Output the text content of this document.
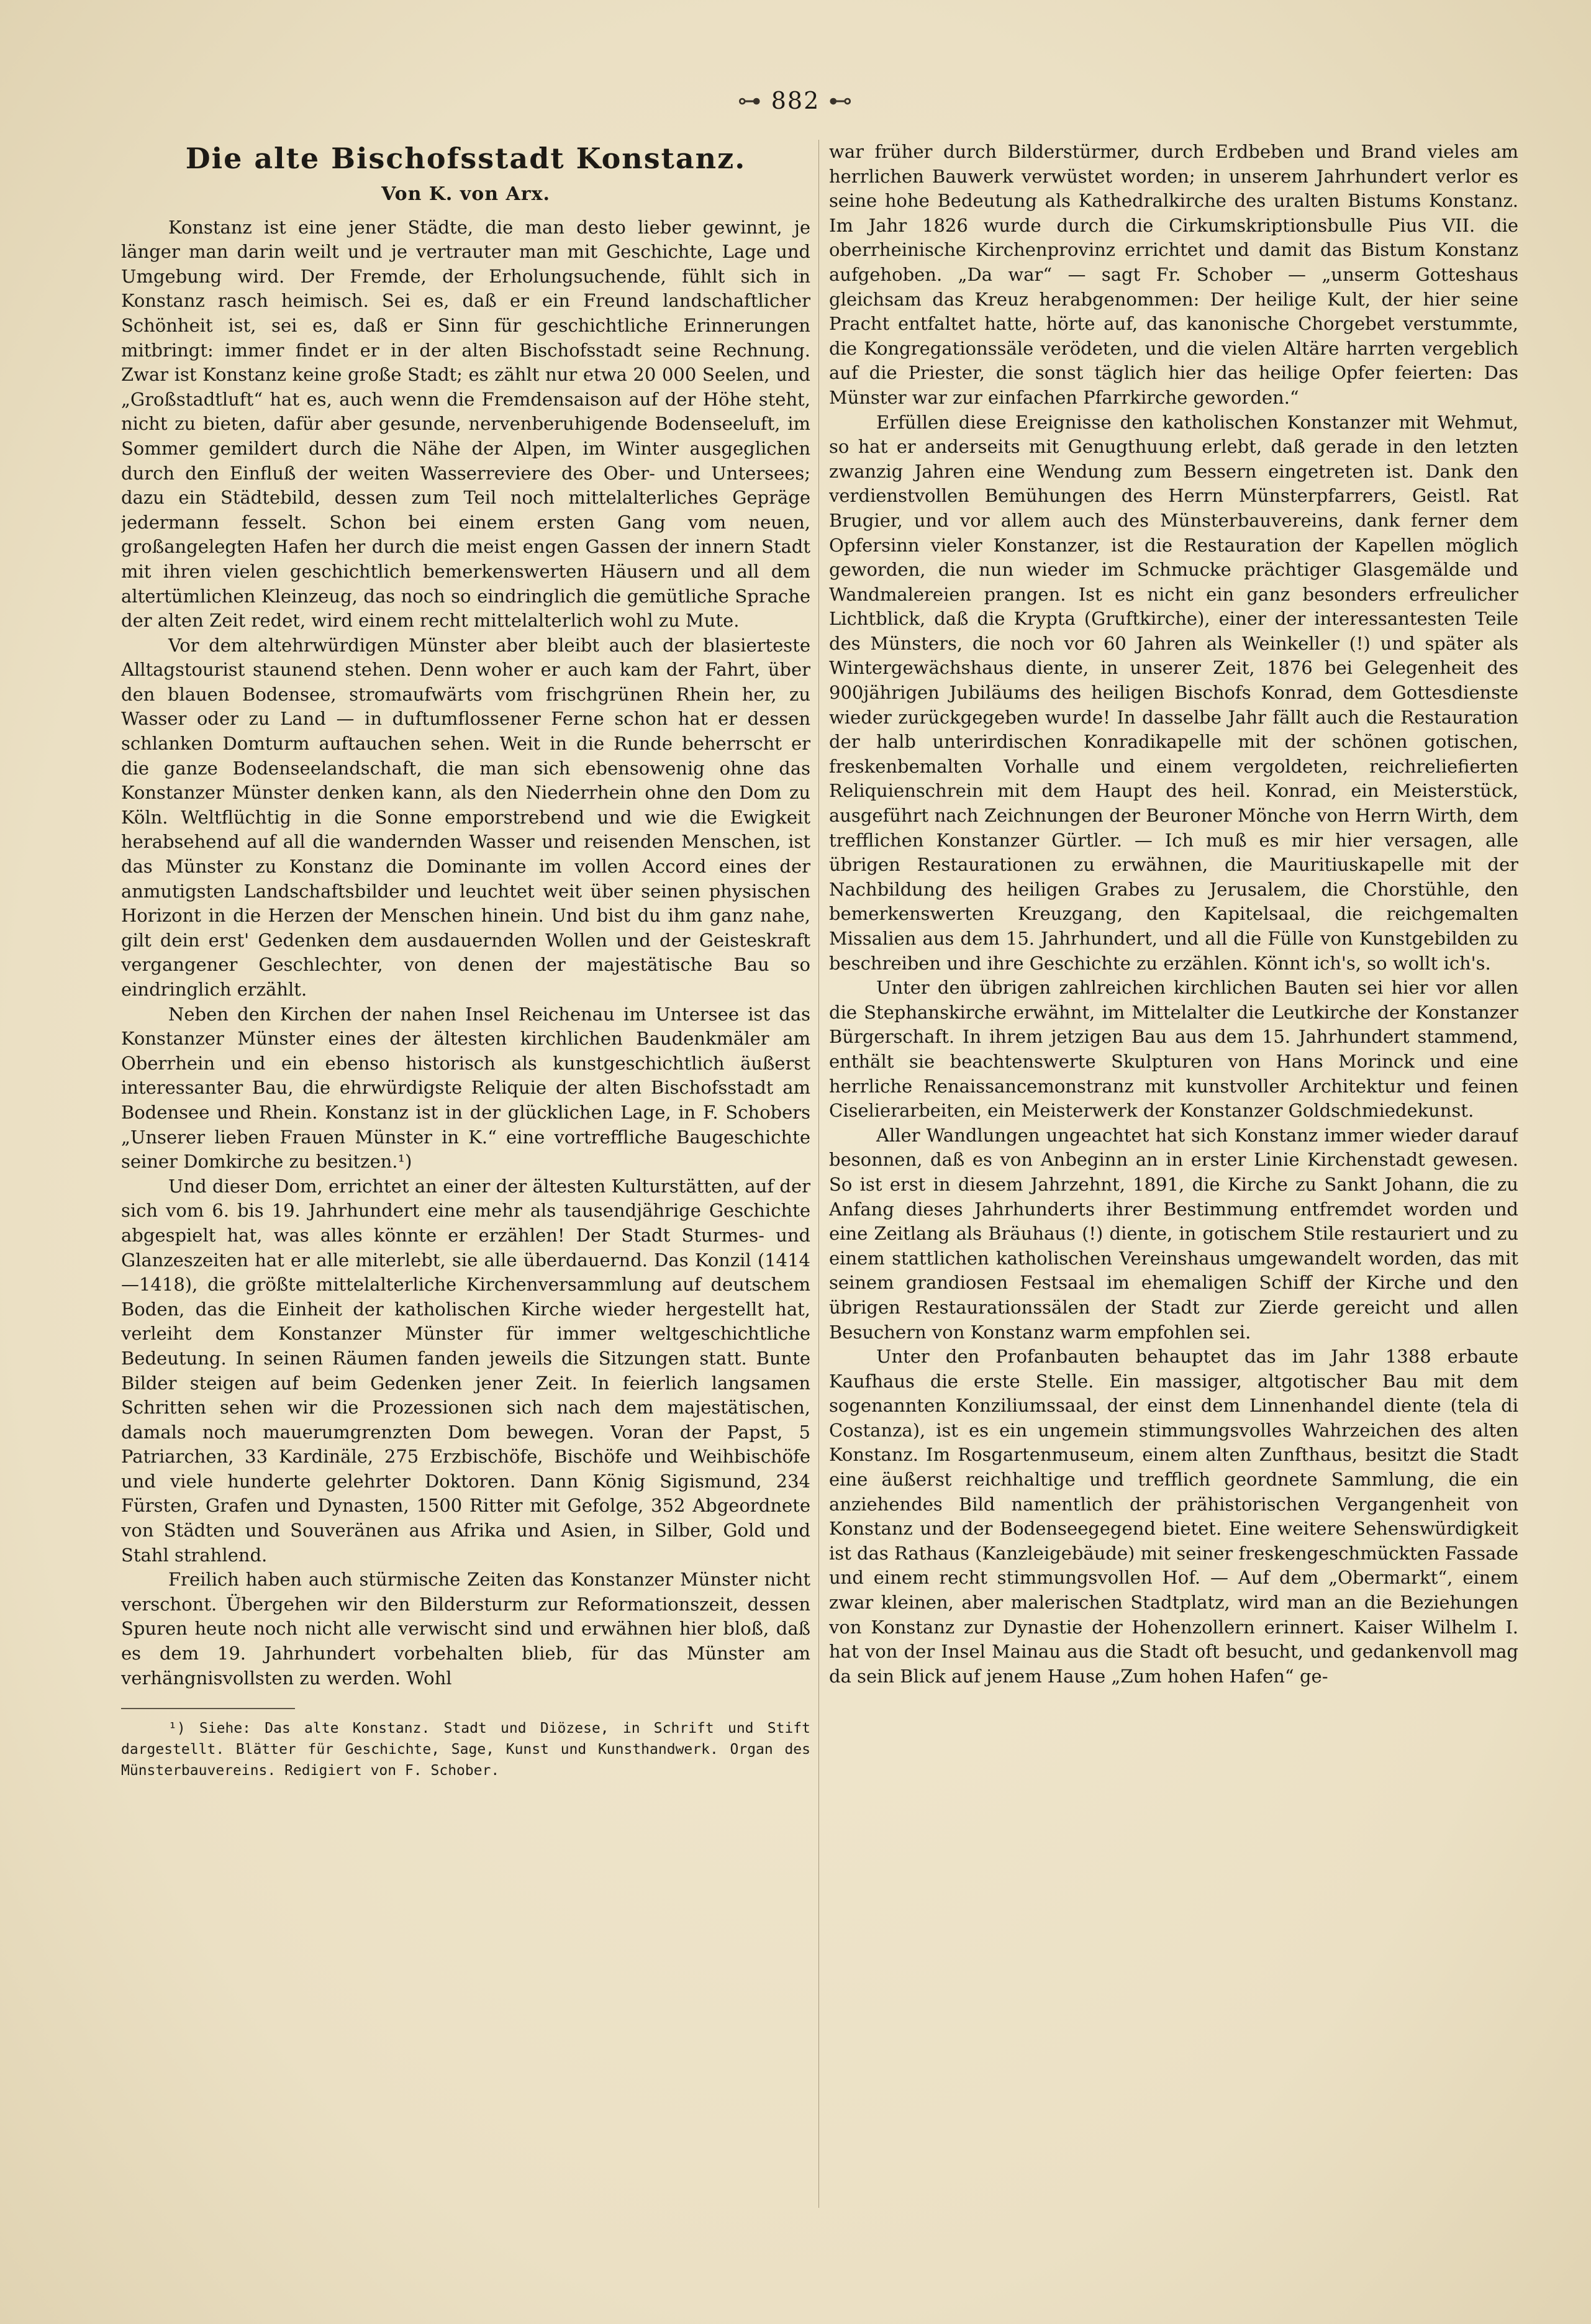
⊶ 882 ⊷
Die alte Bischofsstadt Konstanz.
Von K. von Arx.

Konstanz ist eine jener Städte, die man desto lieber gewinnt, je länger man darin weilt und je vertrauter man mit Geschichte, Lage und Umgebung wird. Der Fremde, der Erholungsuchende, fühlt sich in Konstanz rasch heimisch. Sei es, daß er ein Freund landschaftlicher Schönheit ist, sei es, daß er Sinn für geschichtliche Erinnerungen mitbringt: immer findet er in der alten Bischofsstadt seine Rechnung. Zwar ist Konstanz keine große Stadt; es zählt nur etwa 20 000 Seelen, und „Großstadtluft“ hat es, auch wenn die Fremdensaison auf der Höhe steht, nicht zu bieten, dafür aber gesunde, nervenberuhigende Bodenseeluft, im Sommer gemildert durch die Nähe der Alpen, im Winter ausgeglichen durch den Einfluß der weiten Wasserreviere des Ober- und Untersees; dazu ein Städtebild, dessen zum Teil noch mittelalterliches Gepräge jedermann fesselt. Schon bei einem ersten Gang vom neuen, großangelegten Hafen her durch die meist engen Gassen der innern Stadt mit ihren vielen geschichtlich bemerkenswerten Häusern und all dem altertümlichen Kleinzeug, das noch so eindringlich die gemütliche Sprache der alten Zeit redet, wird einem recht mittelalterlich wohl zu Mute.

Vor dem altehrwürdigen Münster aber bleibt auch der blasierteste Alltagstourist staunend stehen. Denn woher er auch kam der Fahrt, über den blauen Bodensee, stromaufwärts vom frischgrünen Rhein her, zu Wasser oder zu Land — in duftumflossener Ferne schon hat er dessen schlanken Domturm auftauchen sehen. Weit in die Runde beherrscht er die ganze Bodenseelandschaft, die man sich ebensowenig ohne das Konstanzer Münster denken kann, als den Niederrhein ohne den Dom zu Köln. Weltflüchtig in die Sonne emporstrebend und wie die Ewigkeit herabsehend auf all die wandernden Wasser und reisenden Menschen, ist das Münster zu Konstanz die Dominante im vollen Accord eines der anmutigsten Landschaftsbilder und leuchtet weit über seinen physischen Horizont in die Herzen der Menschen hinein. Und bist du ihm ganz nahe, gilt dein erst' Gedenken dem ausdauernden Wollen und der Geisteskraft vergangener Geschlechter, von denen der majestätische Bau so eindringlich erzählt.

Neben den Kirchen der nahen Insel Reichenau im Untersee ist das Konstanzer Münster eines der ältesten kirchlichen Baudenkmäler am Oberrhein und ein ebenso historisch als kunstgeschichtlich äußerst interessanter Bau, die ehrwürdigste Reliquie der alten Bischofsstadt am Bodensee und Rhein. Konstanz ist in der glücklichen Lage, in F. Schobers „Unserer lieben Frauen Münster in K.“ eine vortreffliche Baugeschichte seiner Domkirche zu besitzen.¹)

Und dieser Dom, errichtet an einer der ältesten Kulturstätten, auf der sich vom 6. bis 19. Jahrhundert eine mehr als tausendjährige Geschichte abgespielt hat, was alles könnte er erzählen! Der Stadt Sturmes- und Glanzeszeiten hat er alle miterlebt, sie alle überdauernd. Das Konzil (1414—1418), die größte mittelalterliche Kirchenversammlung auf deutschem Boden, das die Einheit der katholischen Kirche wieder hergestellt hat, verleiht dem Konstanzer Münster für immer weltgeschichtliche Bedeutung. In seinen Räumen fanden jeweils die Sitzungen statt. Bunte Bilder steigen auf beim Gedenken jener Zeit. In feierlich langsamen Schritten sehen wir die Prozessionen sich nach dem majestätischen, damals noch mauerumgrenzten Dom bewegen. Voran der Papst, 5 Patriarchen, 33 Kardinäle, 275 Erzbischöfe, Bischöfe und Weihbischöfe und viele hunderte gelehrter Doktoren. Dann König Sigismund, 234 Fürsten, Grafen und Dynasten, 1500 Ritter mit Gefolge, 352 Abgeordnete von Städten und Souveränen aus Afrika und Asien, in Silber, Gold und Stahl strahlend.

Freilich haben auch stürmische Zeiten das Konstanzer Münster nicht verschont. Übergehen wir den Bildersturm zur Reformationszeit, dessen Spuren heute noch nicht alle verwischt sind und erwähnen hier bloß, daß es dem 19. Jahrhundert vorbehalten blieb, für das Münster am verhängnisvollsten zu werden. Wohl

¹) Siehe: Das alte Konstanz. Stadt und Diözese, in Schrift und Stift dargestellt. Blätter für Geschichte, Sage, Kunst und Kunsthandwerk. Organ des Münsterbauvereins. Redigiert von F. Schober.

war früher durch Bilderstürmer, durch Erdbeben und Brand vieles am herrlichen Bauwerk verwüstet worden; in unserem Jahrhundert verlor es seine hohe Bedeutung als Kathedralkirche des uralten Bistums Konstanz. Im Jahr 1826 wurde durch die Cirkumskriptionsbulle Pius VII. die oberrheinische Kirchenprovinz errichtet und damit das Bistum Konstanz aufgehoben. „Da war“ — sagt Fr. Schober — „unserm Gotteshaus gleichsam das Kreuz herabgenommen: Der heilige Kult, der hier seine Pracht entfaltet hatte, hörte auf, das kanonische Chorgebet verstummte, die Kongregationssäle verödeten, und die vielen Altäre harrten vergeblich auf die Priester, die sonst täglich hier das heilige Opfer feierten: Das Münster war zur einfachen Pfarrkirche geworden.“

Erfüllen diese Ereignisse den katholischen Konstanzer mit Wehmut, so hat er anderseits mit Genugthuung erlebt, daß gerade in den letzten zwanzig Jahren eine Wendung zum Bessern eingetreten ist. Dank den verdienstvollen Bemühungen des Herrn Münsterpfarrers, Geistl. Rat Brugier, und vor allem auch des Münsterbauvereins, dank ferner dem Opfersinn vieler Konstanzer, ist die Restauration der Kapellen möglich geworden, die nun wieder im Schmucke prächtiger Glasgemälde und Wandmalereien prangen. Ist es nicht ein ganz besonders erfreulicher Lichtblick, daß die Krypta (Gruftkirche), einer der interessantesten Teile des Münsters, die noch vor 60 Jahren als Weinkeller (!) und später als Wintergewächshaus diente, in unserer Zeit, 1876 bei Gelegenheit des 900jährigen Jubiläums des heiligen Bischofs Konrad, dem Gottesdienste wieder zurückgegeben wurde! In dasselbe Jahr fällt auch die Restauration der halb unterirdischen Konradikapelle mit der schönen gotischen, freskenbemalten Vorhalle und einem vergoldeten, reichreliefierten Reliquienschrein mit dem Haupt des heil. Konrad, ein Meisterstück, ausgeführt nach Zeichnungen der Beuroner Mönche von Herrn Wirth, dem trefflichen Konstanzer Gürtler. — Ich muß es mir hier versagen, alle übrigen Restaurationen zu erwähnen, die Mauritiuskapelle mit der Nachbildung des heiligen Grabes zu Jerusalem, die Chorstühle, den bemerkenswerten Kreuzgang, den Kapitelsaal, die reichgemalten Missalien aus dem 15. Jahrhundert, und all die Fülle von Kunstgebilden zu beschreiben und ihre Geschichte zu erzählen. Könnt ich's, so wollt ich's.

Unter den übrigen zahlreichen kirchlichen Bauten sei hier vor allen die Stephanskirche erwähnt, im Mittelalter die Leutkirche der Konstanzer Bürgerschaft. In ihrem jetzigen Bau aus dem 15. Jahrhundert stammend, enthält sie beachtenswerte Skulpturen von Hans Morinck und eine herrliche Renaissancemonstranz mit kunstvoller Architektur und feinen Ciselierarbeiten, ein Meisterwerk der Konstanzer Goldschmiedekunst.

Aller Wandlungen ungeachtet hat sich Konstanz immer wieder darauf besonnen, daß es von Anbeginn an in erster Linie Kirchenstadt gewesen. So ist erst in diesem Jahrzehnt, 1891, die Kirche zu Sankt Johann, die zu Anfang dieses Jahrhunderts ihrer Bestimmung entfremdet worden und eine Zeitlang als Bräuhaus (!) diente, in gotischem Stile restauriert und zu einem stattlichen katholischen Vereinshaus umgewandelt worden, das mit seinem grandiosen Festsaal im ehemaligen Schiff der Kirche und den übrigen Restaurationssälen der Stadt zur Zierde gereicht und allen Besuchern von Konstanz warm empfohlen sei.

Unter den Profanbauten behauptet das im Jahr 1388 erbaute Kaufhaus die erste Stelle. Ein massiger, altgotischer Bau mit dem sogenannten Konziliumssaal, der einst dem Linnenhandel diente (tela di Costanza), ist es ein ungemein stimmungsvolles Wahrzeichen des alten Konstanz. Im Rosgartenmuseum, einem alten Zunfthaus, besitzt die Stadt eine äußerst reichhaltige und trefflich geordnete Sammlung, die ein anziehendes Bild namentlich der prähistorischen Vergangenheit von Konstanz und der Bodenseegegend bietet. Eine weitere Sehenswürdigkeit ist das Rathaus (Kanzleigebäude) mit seiner freskengeschmückten Fassade und einem recht stimmungsvollen Hof. — Auf dem „Obermarkt“, einem zwar kleinen, aber malerischen Stadtplatz, wird man an die Beziehungen von Konstanz zur Dynastie der Hohenzollern erinnert. Kaiser Wilhelm I. hat von der Insel Mainau aus die Stadt oft besucht, und gedankenvoll mag da sein Blick auf jenem Hause „Zum hohen Hafen“ ge-
